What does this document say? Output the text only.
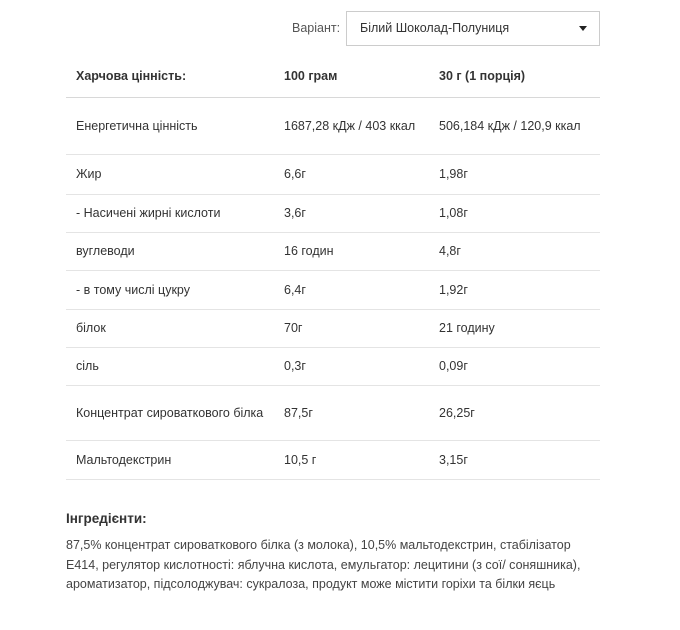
Варіант:	Білий Шоколад-Полуниця
Харчова цінність:	100 грам	30 г (1 порція)
Енергетична цінність	1687,28 кДж / 403 ккал	506,184 кДж / 120,9 ккал
Жир	6,6г	1,98г
- Насичені жирні кислоти	3,6г	1,08г
вуглеводи	16 годин	4,8г
- в тому числі цукру	6,4г	1,92г
білок	70г	21 годину
сіль	0,3г	0,09г
Концентрат сироваткового білка	87,5г	26,25г
Мальтодекстрин	10,5 г	3,15г
Інгредієнти:
87,5% концентрат сироваткового білка (з молока), 10,5% мальтодекстрин, стабілізатор Е414, регулятор кислотності: яблучна кислота, емульгатор: лецитини (з сої/ соняшника), ароматизатор, підсолоджувач: сукралоза, продукт може містити горіхи та білки яєць
